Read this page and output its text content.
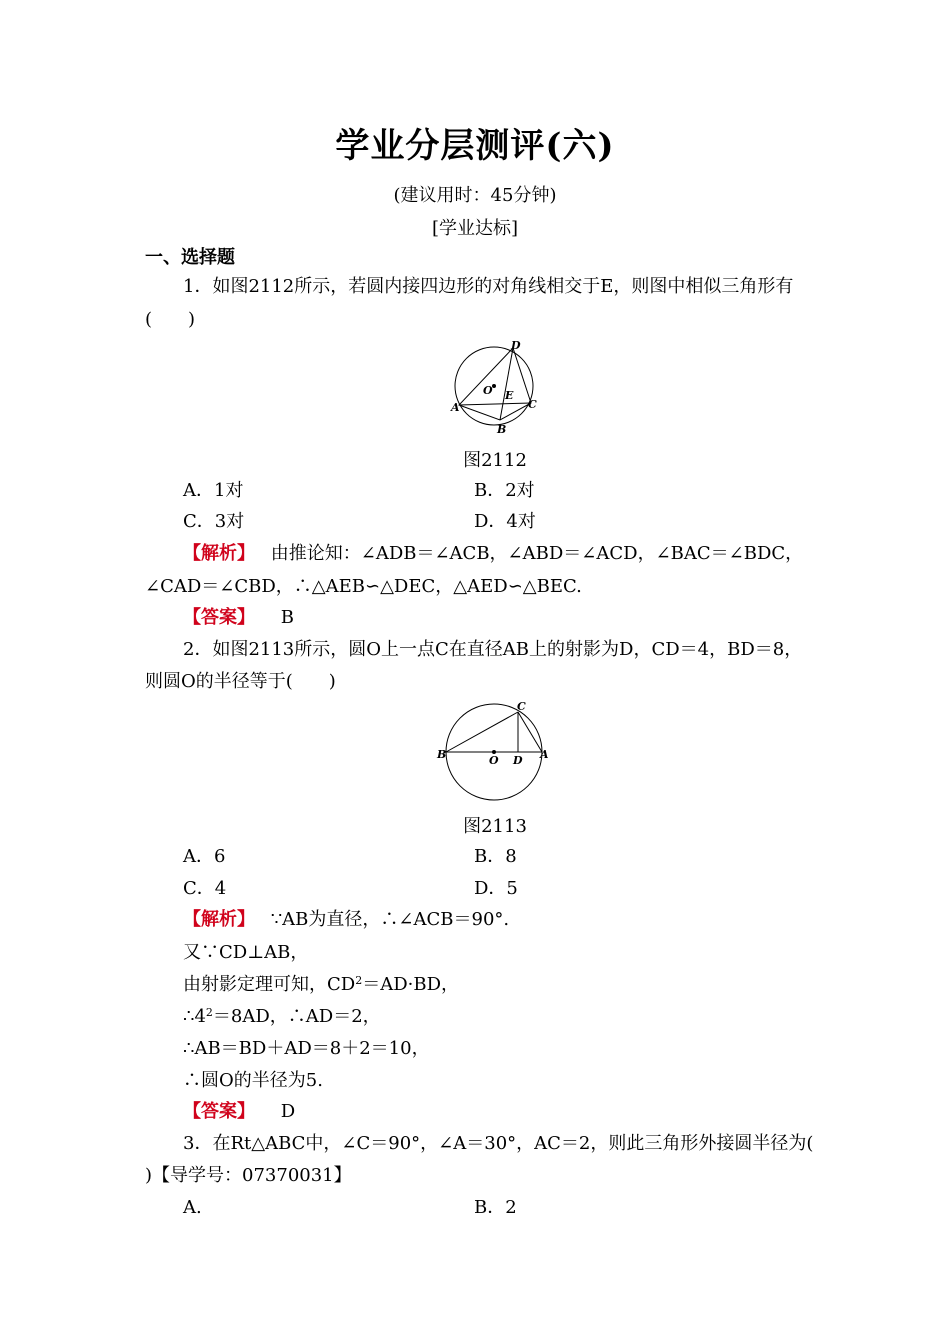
学业分层测评(六)
(建议用时：45分钟)
[学业达标]
一、选择题
1．如图2112所示，若圆内接四边形的对角线相交于E，则图中相似三角形有
(　　)
D
O E
A	C
B
图2112
A．1对	B．2对
C．3对	D．4对
【解析】 由推论知：∠ADB＝∠ACB，∠ABD＝∠ACD，∠BAC＝∠BDC，
∠CAD＝∠CBD，∴△AEB∽△DEC，△AED∽△BEC.
【答案】 B
2．如图2113所示，圆O上一点C在直径AB上的射影为D，CD＝4，BD＝8，
则圆O的半径等于(　　)
C
B	A
O D
图2113
A．6	B．8
C．4	D．5
【解析】 ∵AB为直径，∴∠ACB＝90°.
又∵CD⊥AB，
由射影定理可知，$CD^2=AD\cdot BD$，
$\therefore 4^2=8AD$，∴AD＝2，
∴AB＝BD＋AD＝8＋2＝10，
∴圆O的半径为5.
【答案】 D
3．在Rt△ABC中，∠C＝90°，∠A＝30°，AC＝2，则此三角形外接圆半径为(
)【导学号：07370031】
A.	B．2
